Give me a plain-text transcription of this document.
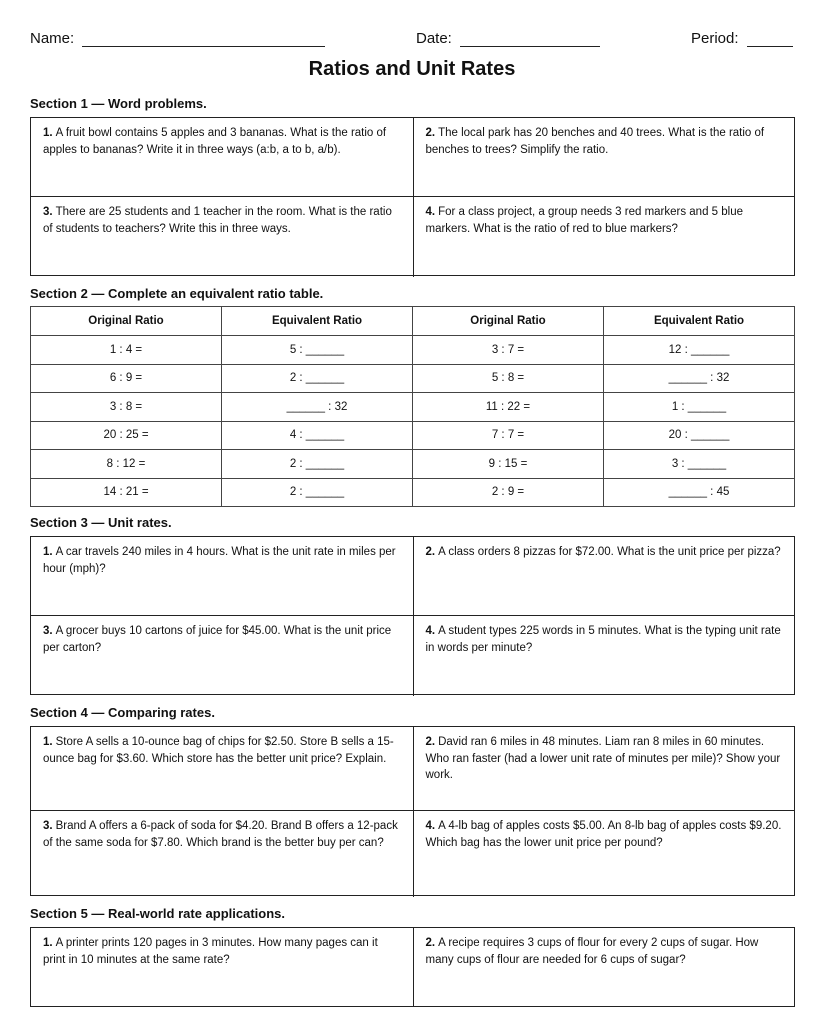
Name:	Date:	Period:
Ratios and Unit Rates
Section 1 — Word problems.
1. A fruit bowl contains 5 apples and 3 bananas. What is the ratio of apples to bananas? Write it in three ways (a:b, a to b, a/b).
2. The local park has 20 benches and 40 trees. What is the ratio of benches to trees? Simplify the ratio.
3. There are 25 students and 1 teacher in the room. What is the ratio of students to teachers? Write this in three ways.
4. For a class project, a group needs 3 red markers and 5 blue markers. What is the ratio of red to blue markers?
Section 2 — Complete an equivalent ratio table.
Original Ratio	Equivalent Ratio	Original Ratio	Equivalent Ratio
1 : 4 =	5 : ______	3 : 7 =	12 : ______
6 : 9 =	2 : ______	5 : 8 =	______ : 32
3 : 8 =	______ : 32	11 : 22 =	1 : ______
20 : 25 =	4 : ______	7 : 7 =	20 : ______
8 : 12 =	2 : ______	9 : 15 =	3 : ______
14 : 21 =	2 : ______	2 : 9 =	______ : 45
Section 3 — Unit rates.
1. A car travels 240 miles in 4 hours. What is the unit rate in miles per hour (mph)?
2. A class orders 8 pizzas for $72.00. What is the unit price per pizza?
3. A grocer buys 10 cartons of juice for $45.00. What is the unit price per carton?
4. A student types 225 words in 5 minutes. What is the typing unit rate in words per minute?
Section 4 — Comparing rates.
1. Store A sells a 10-ounce bag of chips for $2.50. Store B sells a 15-ounce bag for $3.60. Which store has the better unit price? Explain.
2. David ran 6 miles in 48 minutes. Liam ran 8 miles in 60 minutes. Who ran faster (had a lower unit rate of minutes per mile)? Show your work.
3. Brand A offers a 6-pack of soda for $4.20. Brand B offers a 12-pack of the same soda for $7.80. Which brand is the better buy per can?
4. A 4-lb bag of apples costs $5.00. An 8-lb bag of apples costs $9.20. Which bag has the lower unit price per pound?
Section 5 — Real-world rate applications.
1. A printer prints 120 pages in 3 minutes. How many pages can it print in 10 minutes at the same rate?
2. A recipe requires 3 cups of flour for every 2 cups of sugar. How many cups of flour are needed for 6 cups of sugar?
